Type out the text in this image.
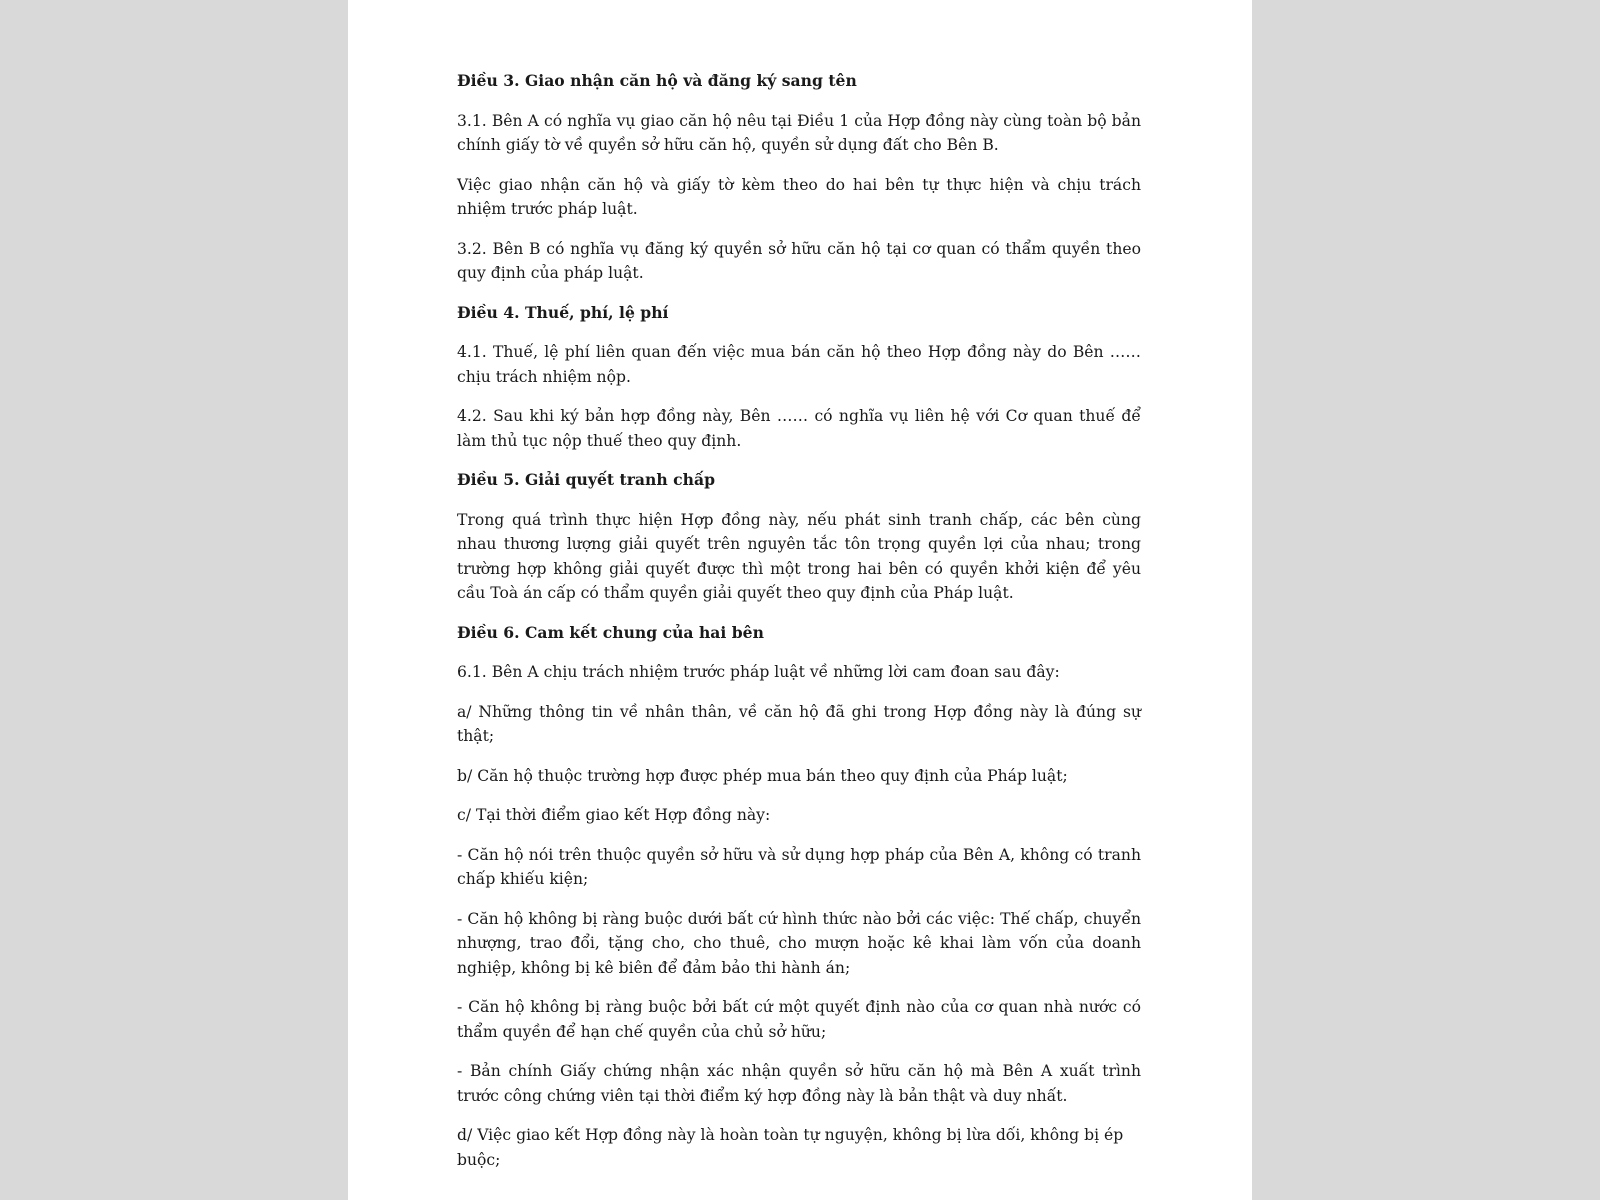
Điều 3. Giao nhận căn hộ và đăng ký sang tên

3.1. Bên A có nghĩa vụ giao căn hộ nêu tại Điều 1 của Hợp đồng này cùng toàn bộ bản chính giấy tờ về quyền sở hữu căn hộ, quyền sử dụng đất cho Bên B.

Việc giao nhận căn hộ và giấy tờ kèm theo do hai bên tự thực hiện và chịu trách nhiệm trước pháp luật.

3.2. Bên B có nghĩa vụ đăng ký quyền sở hữu căn hộ tại cơ quan có thẩm quyền theo quy định của pháp luật.

Điều 4. Thuế, phí, lệ phí

4.1. Thuế, lệ phí liên quan đến việc mua bán căn hộ theo Hợp đồng này do Bên …… chịu trách nhiệm nộp.

4.2. Sau khi ký bản hợp đồng này, Bên …… có nghĩa vụ liên hệ với Cơ quan thuế để làm thủ tục nộp thuế theo quy định.

Điều 5. Giải quyết tranh chấp

Trong quá trình thực hiện Hợp đồng này, nếu phát sinh tranh chấp, các bên cùng nhau thương lượng giải quyết trên nguyên tắc tôn trọng quyền lợi của nhau; trong trường hợp không giải quyết được thì một trong hai bên có quyền khởi kiện để yêu cầu Toà án cấp có thẩm quyền giải quyết theo quy định của Pháp luật.

Điều 6. Cam kết chung của hai bên

6.1. Bên A chịu trách nhiệm trước pháp luật về những lời cam đoan sau đây:

a/ Những thông tin về nhân thân, về căn hộ đã ghi trong Hợp đồng này là đúng sự thật;

b/ Căn hộ thuộc trường hợp được phép mua bán theo quy định của Pháp luật;

c/ Tại thời điểm giao kết Hợp đồng này:

- Căn hộ nói trên thuộc quyền sở hữu và sử dụng hợp pháp của Bên A, không có tranh chấp khiếu kiện;

- Căn hộ không bị ràng buộc dưới bất cứ hình thức nào bởi các việc: Thế chấp, chuyển nhượng, trao đổi, tặng cho, cho thuê, cho mượn hoặc kê khai làm vốn của doanh nghiệp, không bị kê biên để đảm bảo thi hành án;

- Căn hộ không bị ràng buộc bởi bất cứ một quyết định nào của cơ quan nhà nước có thẩm quyền để hạn chế quyền của chủ sở hữu;

- Bản chính Giấy chứng nhận xác nhận quyền sở hữu căn hộ mà Bên A xuất trình trước công chứng viên tại thời điểm ký hợp đồng này là bản thật và duy nhất.

d/ Việc giao kết Hợp đồng này là hoàn toàn tự nguyện, không bị lừa dối, không bị ép buộc;
